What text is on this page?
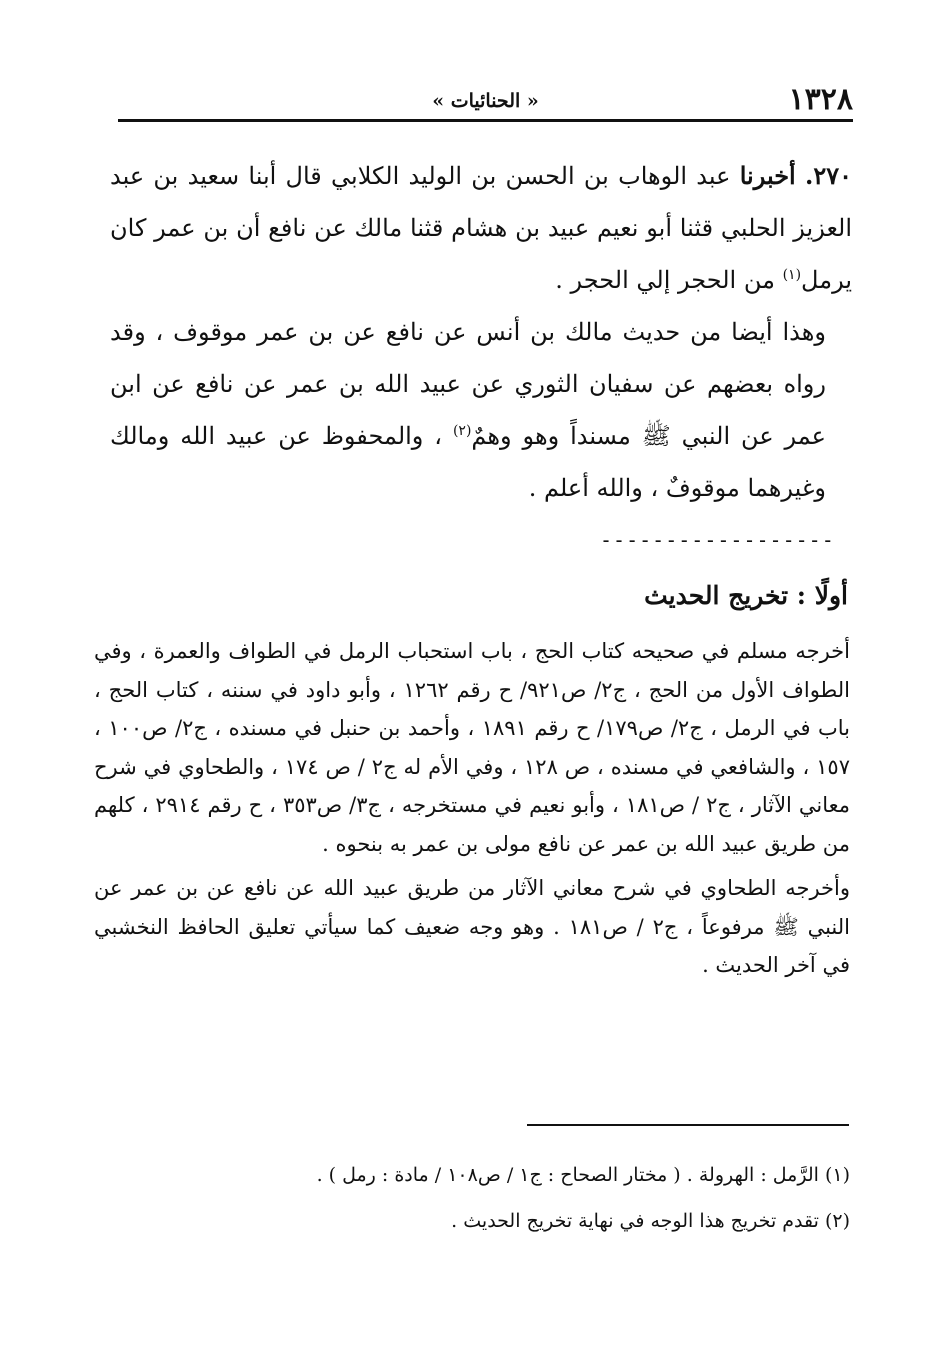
١٣٢٨
« الحنائيات »

٢٧٠. أخبرنا عبد الوهاب بن الحسن بن الوليد الكلابي قال أبنا سعيد بن عبد العزيز الحلبي قثنا أبو نعيم عبيد بن هشام قثنا مالك عن نافع أن بن عمر كان يرمل$^{(١)}$ من الحجر إلي الحجر .

وهذا أيضا من حديث مالك بن أنس عن نافع عن بن عمر موقوف ، وقد رواه بعضهم عن سفيان الثوري عن عبيد الله بن عمر عن نافع عن ابن عمر عن النبي ﷺ مسنداً وهو وهمٌ$^{(٢)}$ ، والمحفوظ عن عبيد الله ومالك وغيرهما موقوفٌ ، والله أعلم .

------------------
أولًا : تخريج الحديث

أخرجه مسلم في صحيحه كتاب الحج ، باب استحباب الرمل في الطواف والعمرة ، وفي الطواف الأول من الحج ، ج٢/ ص٩٢١/ ح رقم ١٢٦٢ ، وأبو داود في سننه ، كتاب الحج ، باب في الرمل ، ج٢/ ص١٧٩/ ح رقم ١٨٩١ ، وأحمد بن حنبل في مسنده ، ج٢/ ص١٠٠ ، ١٥٧ ، والشافعي في مسنده ، ص ١٢٨ ، وفي الأم له ج٢ / ص ١٧٤ ، والطحاوي في شرح معاني الآثار ، ج٢ / ص١٨١ ، وأبو نعيم في مستخرجه ، ج٣/ ص٣٥٣ ، ح رقم ٢٩١٤ ، كلهم من طريق عبيد الله بن عمر عن نافع مولى بن عمر به بنحوه .

وأخرجه الطحاوي في شرح معاني الآثار من طريق عبيد الله عن نافع عن بن عمر عن النبي ﷺ مرفوعاً ، ج٢ / ص١٨١ . وهو وجه ضعيف كما سيأتي تعليق الحافظ النخشبي في آخر الحديث .

(١) الرَّمل : الهرولة . ( مختار الصحاح : ج١ / ص١٠٨ / مادة : رمل ) .

(٢) تقدم تخريج هذا الوجه في نهاية تخريج الحديث .
